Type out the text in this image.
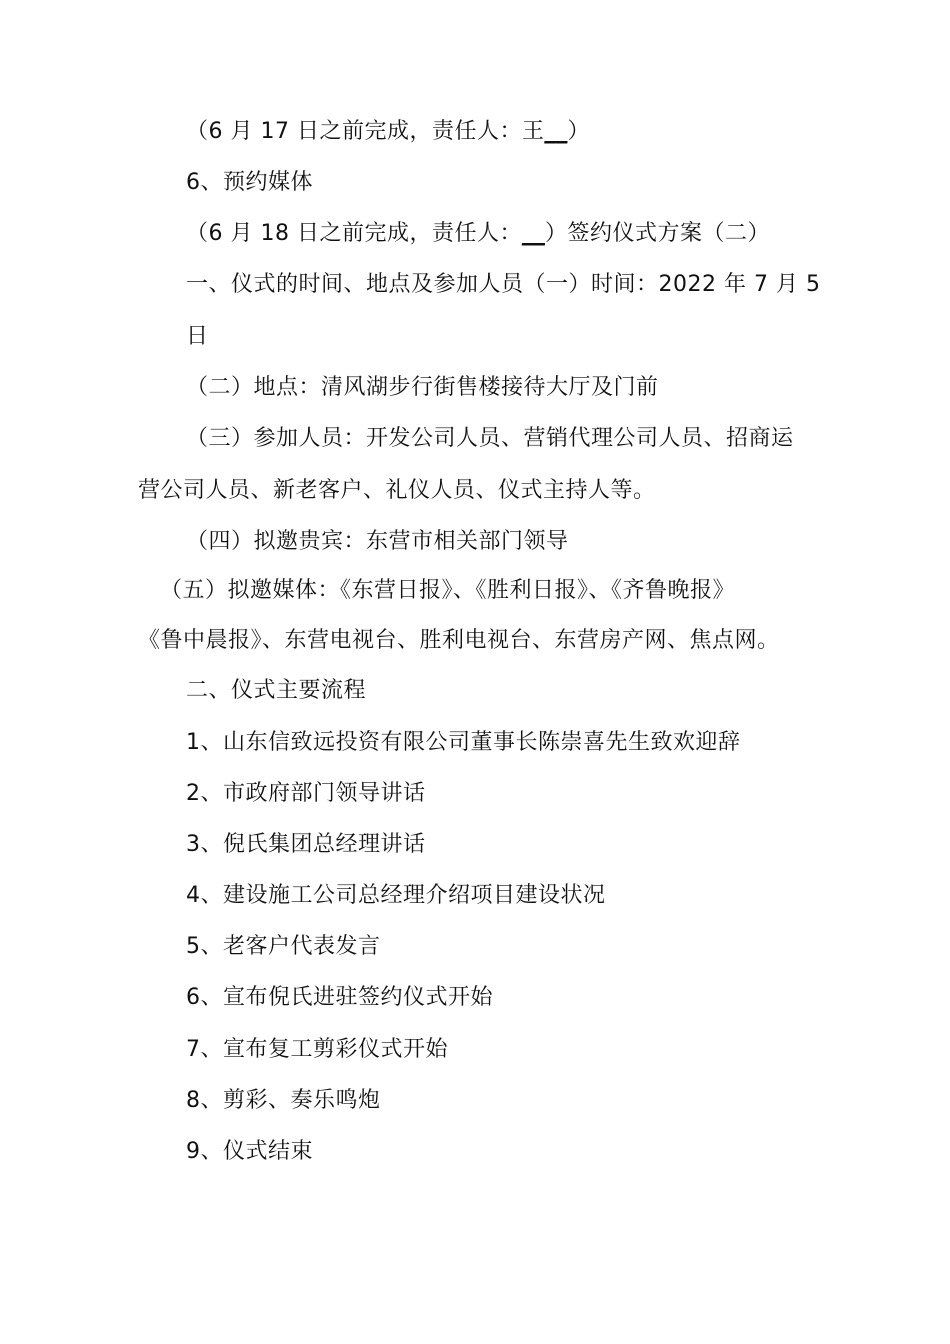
（6 月 17 日之前完成，责任人：王__）
6、预约媒体
（6 月 18 日之前完成，责任人：__）签约仪式方案（二）
一、仪式的时间、地点及参加人员（一）时间：2022 年 7 月 5
日
（二）地点：清风湖步行街售楼接待大厅及门前
（三）参加人员：开发公司人员、营销代理公司人员、招商运
营公司人员、新老客户、礼仪人员、仪式主持人等。
（四）拟邀贵宾：东营市相关部门领导
（五）拟邀媒体：《东营日报》、《胜利日报》、《齐鲁晚报》
《鲁中晨报》、东营电视台、胜利电视台、东营房产网、焦点网。
二、仪式主要流程
1、山东信致远投资有限公司董事长陈崇喜先生致欢迎辞
2、市政府部门领导讲话
3、倪氏集团总经理讲话
4、建设施工公司总经理介绍项目建设状况
5、老客户代表发言
6、宣布倪氏进驻签约仪式开始
7、宣布复工剪彩仪式开始
8、剪彩、奏乐鸣炮
9、仪式结束
